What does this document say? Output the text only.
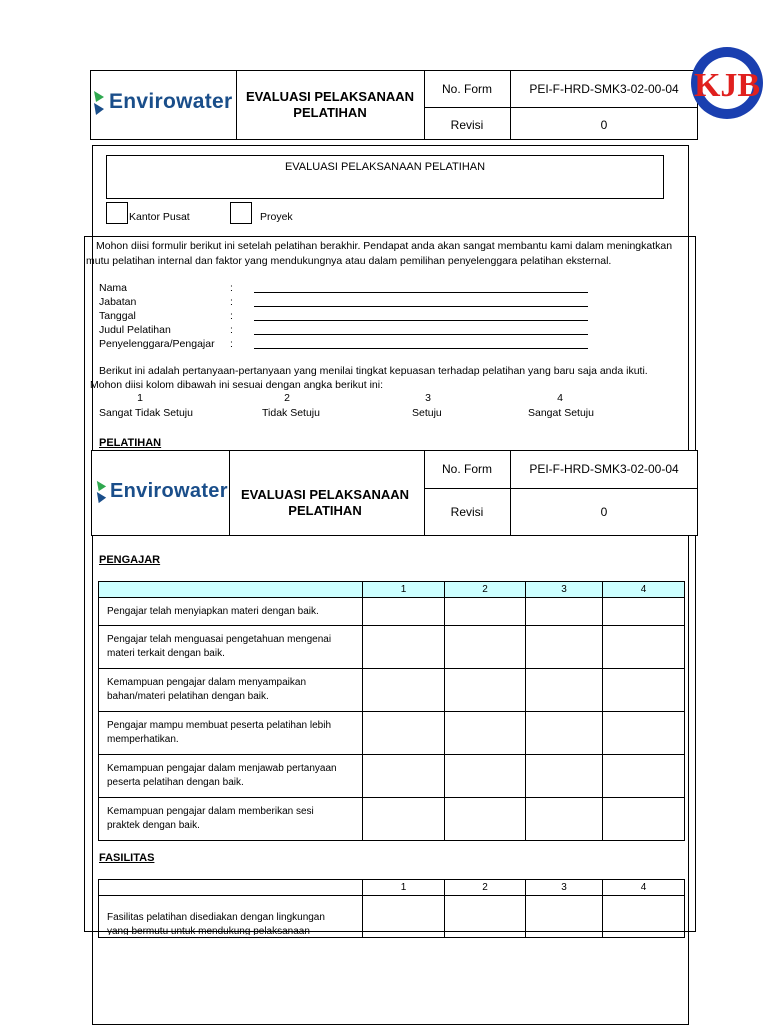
Envirowater	EVALUASI PELAKSANAAN
PELATIHAN
No. Form	PEI-F-HRD-SMK3-02-00-04
Revisi	0
KJB
EVALUASI PELAKSANAAN PELATIHAN
Kantor Pusat	Proyek
Mohon diisi formulir berikut ini setelah pelatihan berakhir. Pendapat anda akan sangat membantu kami dalam meningkatkan
mutu pelatihan internal dan faktor yang mendukungnya atau dalam pemilihan penyelenggara pelatihan eksternal.
Nama
Jabatan
Tanggal
Judul Pelatihan
Penyelenggara/Pengajar
:
:
:
:
:
Berikut ini adalah pertanyaan-pertanyaan yang menilai tingkat kepuasan terhadap pelatihan yang baru saja anda ikuti.
Mohon diisi kolom dibawah ini sesuai dengan angka berikut ini:
1	2	3	4
Sangat Tidak Setuju	Tidak Setuju	Setuju	Sangat Setuju
PELATIHAN
Envirowater	EVALUASI PELAKSANAAN
PELATIHAN
No. Form	PEI-F-HRD-SMK3-02-00-04
Revisi	0
PENGAJAR
	1	2	3	4
Pengajar telah menyiapkan materi dengan baik.				

Pengajar telah menguasai pengetahuan mengenai
materi terkait dengan baik.				

Kemampuan pengajar dalam menyampaikan
bahan/materi pelatihan dengan baik.				

Pengajar mampu membuat peserta pelatihan lebih
memperhatikan.				

Kemampuan pengajar dalam menjawab pertanyaan
peserta pelatihan dengan baik.				

Kemampuan pengajar dalam memberikan sesi
praktek dengan baik.				

FASILITAS
	1	2	3	4

Fasilitas pelatihan disediakan dengan lingkungan
yang bermutu untuk mendukung pelaksanaan				
